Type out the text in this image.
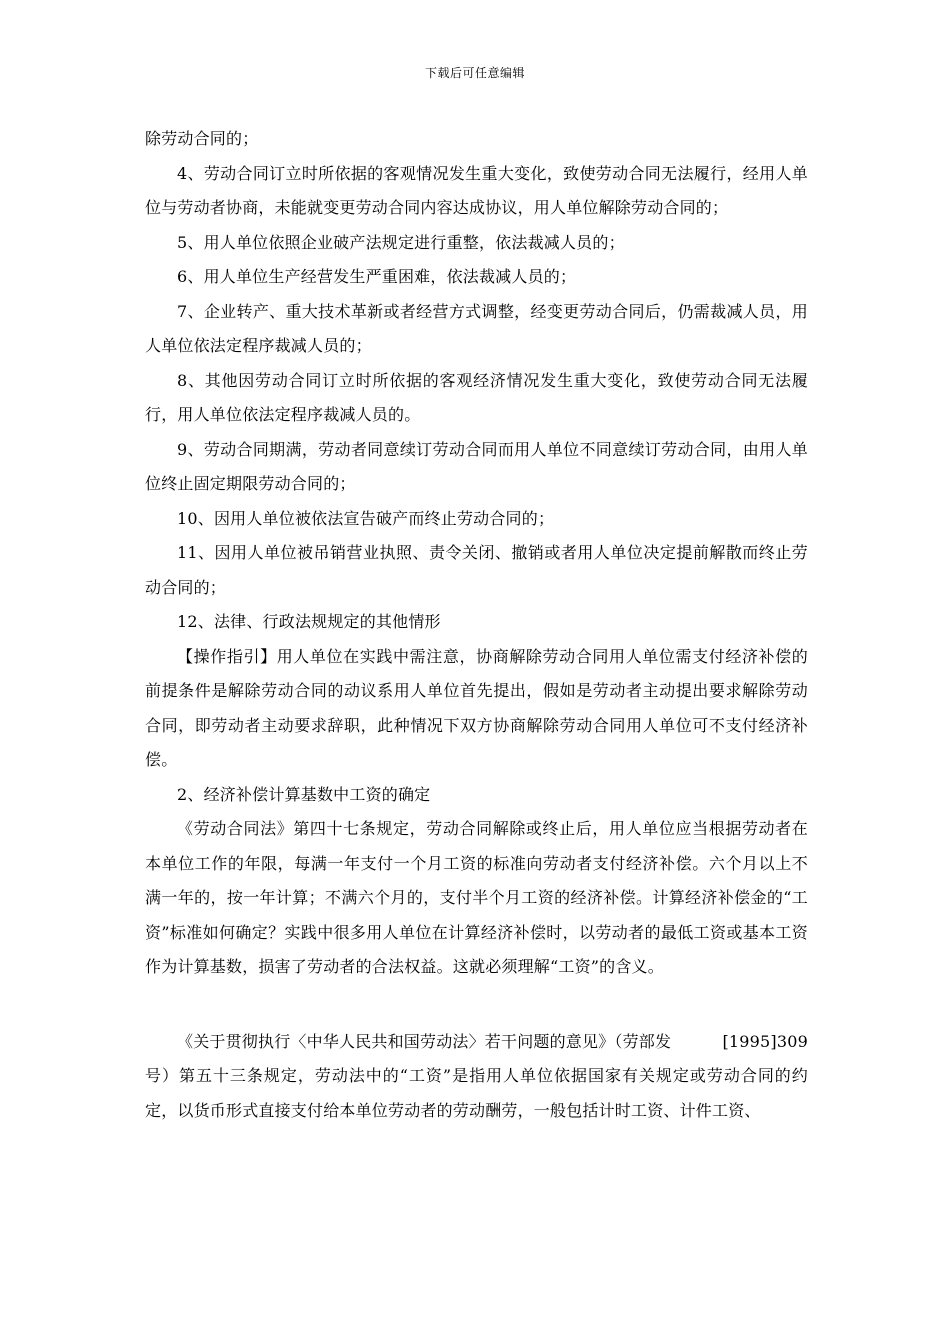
下载后可任意编辑

除劳动合同的；

4、劳动合同订立时所依据的客观情况发生重大变化，致使劳动合同无法履行，经用人单位与劳动者协商，未能就变更劳动合同内容达成协议，用人单位解除劳动合同的；

5、用人单位依照企业破产法规定进行重整，依法裁减人员的；

6、用人单位生产经营发生严重困难，依法裁减人员的；

7、企业转产、重大技术革新或者经营方式调整，经变更劳动合同后，仍需裁减人员，用人单位依法定程序裁减人员的；

8、其他因劳动合同订立时所依据的客观经济情况发生重大变化，致使劳动合同无法履行，用人单位依法定程序裁减人员的。

9、劳动合同期满，劳动者同意续订劳动合同而用人单位不同意续订劳动合同，由用人单位终止固定期限劳动合同的；

10、因用人单位被依法宣告破产而终止劳动合同的；

11、因用人单位被吊销营业执照、责令关闭、撤销或者用人单位决定提前解散而终止劳动合同的；

12、法律、行政法规规定的其他情形

【操作指引】用人单位在实践中需注意，协商解除劳动合同用人单位需支付经济补偿的前提条件是解除劳动合同的动议系用人单位首先提出，假如是劳动者主动提出要求解除劳动合同，即劳动者主动要求辞职，此种情况下双方协商解除劳动合同用人单位可不支付经济补偿。

2、经济补偿计算基数中工资的确定

《劳动合同法》第四十七条规定，劳动合同解除或终止后，用人单位应当根据劳动者在本单位工作的年限，每满一年支付一个月工资的标准向劳动者支付经济补偿。六个月以上不满一年的，按一年计算；不满六个月的，支付半个月工资的经济补偿。计算经济补偿金的“工资”标准如何确定？实践中很多用人单位在计算经济补偿时，以劳动者的最低工资或基本工资作为计算基数，损害了劳动者的合法权益。这就必须理解“工资”的含义。

《关于贯彻执行〈中华人民共和国劳动法〉若干问题的意见》（劳部发	[1995]309

号）第五十三条规定，劳动法中的“工资”是指用人单位依据国家有关规定或劳动合同的约定，以货币形式直接支付给本单位劳动者的劳动酬劳，一般包括计时工资、计件工资、
